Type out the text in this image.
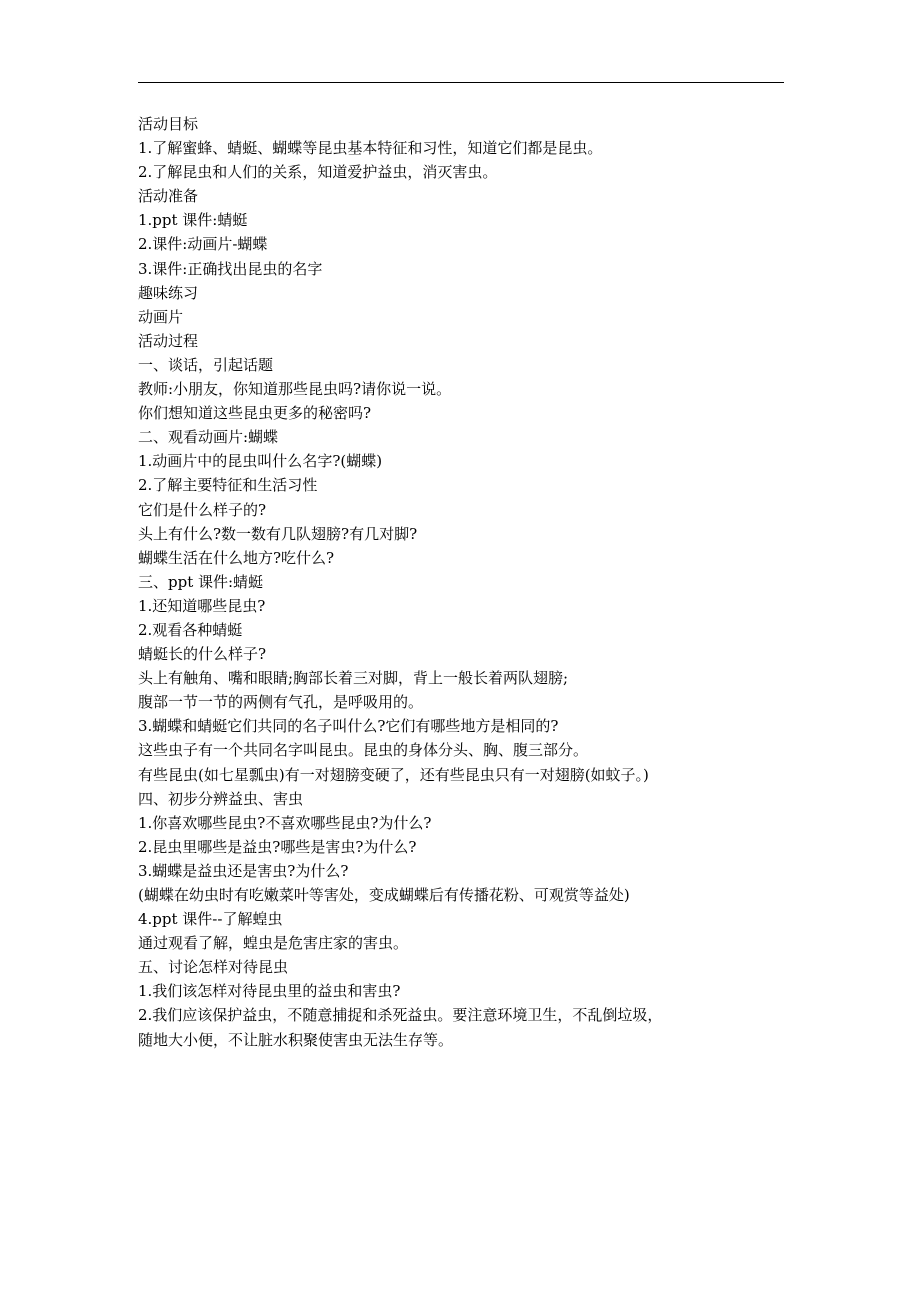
活动目标
1.了解蜜蜂、蜻蜓、蝴蝶等昆虫基本特征和习性，知道它们都是昆虫。
2.了解昆虫和人们的关系，知道爱护益虫，消灭害虫。
活动准备
1.ppt 课件:蜻蜓
2.课件:动画片-蝴蝶
3.课件:正确找出昆虫的名字
趣味练习
动画片
活动过程
一、谈话，引起话题
教师:小朋友，你知道那些昆虫吗?请你说一说。
你们想知道这些昆虫更多的秘密吗?
二、观看动画片:蝴蝶
1.动画片中的昆虫叫什么名字?(蝴蝶)
2.了解主要特征和生活习性
它们是什么样子的?
头上有什么?数一数有几队翅膀?有几对脚?
蝴蝶生活在什么地方?吃什么?
三、ppt 课件:蜻蜓
1.还知道哪些昆虫?
2.观看各种蜻蜓
蜻蜓长的什么样子?
头上有触角、嘴和眼睛;胸部长着三对脚，背上一般长着两队翅膀;
腹部一节一节的两侧有气孔，是呼吸用的。
3.蝴蝶和蜻蜓它们共同的名子叫什么?它们有哪些地方是相同的?
这些虫子有一个共同名字叫昆虫。昆虫的身体分头、胸、腹三部分。
有些昆虫(如七星瓢虫)有一对翅膀变硬了，还有些昆虫只有一对翅膀(如蚊子。)
四、初步分辨益虫、害虫
1.你喜欢哪些昆虫?不喜欢哪些昆虫?为什么?
2.昆虫里哪些是益虫?哪些是害虫?为什么?
3.蝴蝶是益虫还是害虫?为什么?
(蝴蝶在幼虫时有吃嫩菜叶等害处，变成蝴蝶后有传播花粉、可观赏等益处)
4.ppt 课件--了解蝗虫
通过观看了解，蝗虫是危害庄家的害虫。
五、讨论怎样对待昆虫
1.我们该怎样对待昆虫里的益虫和害虫?
2.我们应该保护益虫，不随意捕捉和杀死益虫。要注意环境卫生，不乱倒垃圾，
随地大小便，不让脏水积聚使害虫无法生存等。
